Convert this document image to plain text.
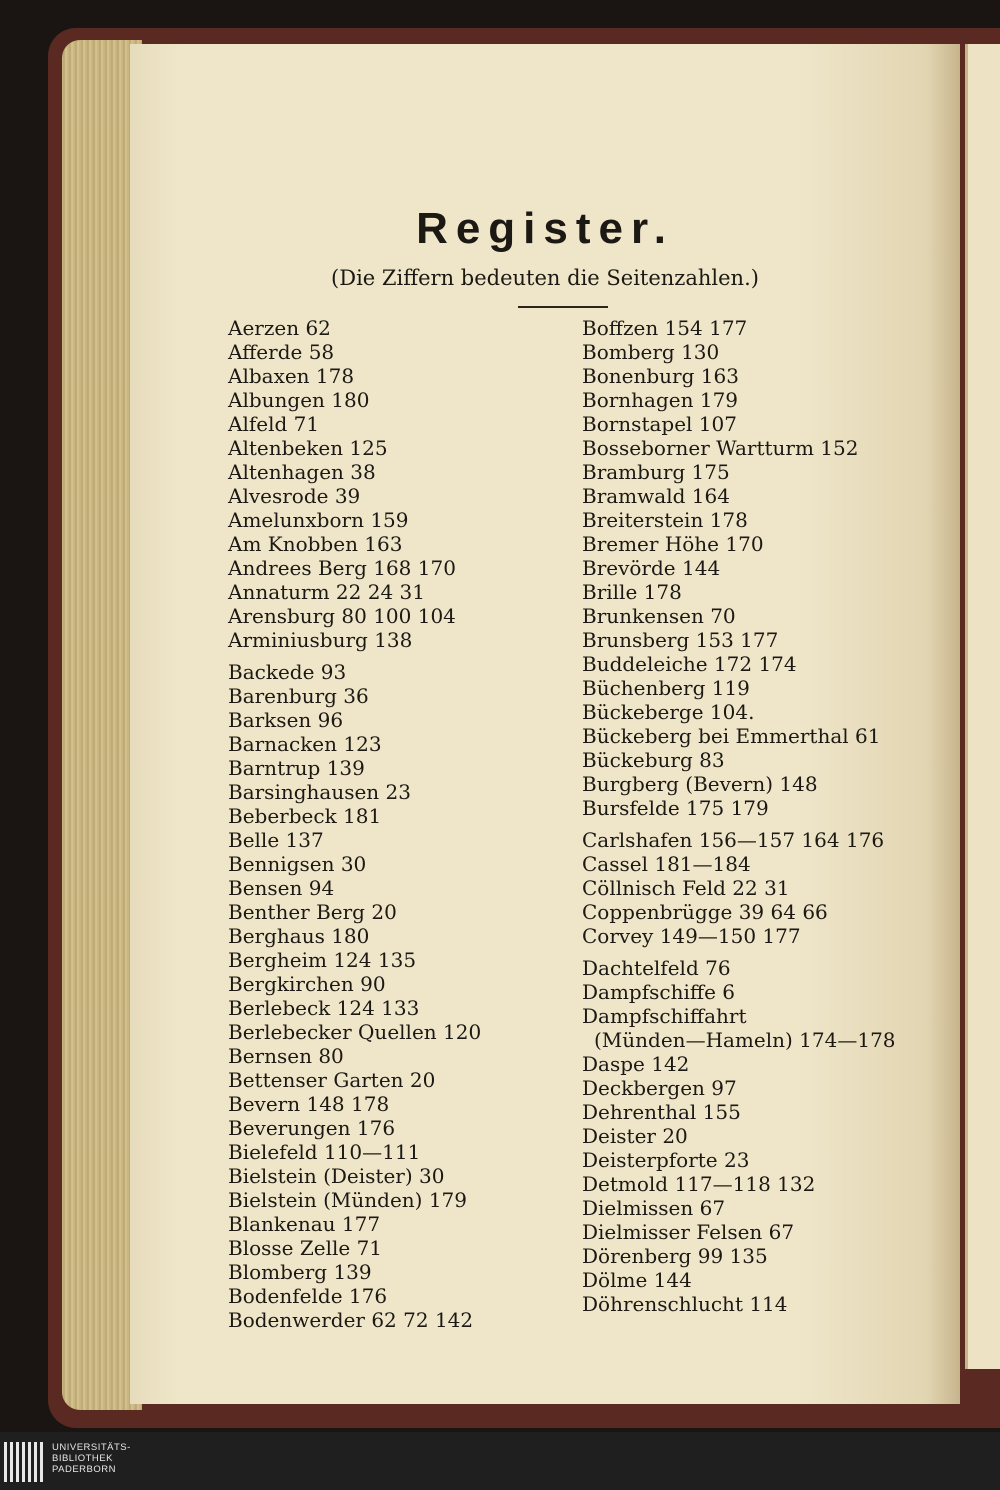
Register.
(Die Ziffern bedeuten die Seitenzahlen.)
Aerzen 62
Afferde 58
Albaxen 178
Albungen 180
Alfeld 71
Altenbeken 125
Altenhagen 38
Alvesrode 39
Amelunxborn 159
Am Knobben 163
Andrees Berg 168 170
Annaturm 22 24 31
Arensburg 80 100 104
Arminiusburg 138
Backede 93
Barenburg 36
Barksen 96
Barnacken 123
Barntrup 139
Barsinghausen 23
Beberbeck 181
Belle 137
Bennigsen 30
Bensen 94
Benther Berg 20
Berghaus 180
Bergheim 124 135
Bergkirchen 90
Berlebeck 124 133
Berlebecker Quellen 120
Bernsen 80
Bettenser Garten 20
Bevern 148 178
Beverungen 176
Bielefeld 110—111
Bielstein (Deister) 30
Bielstein (Münden) 179
Blankenau 177
Blosse Zelle 71
Blomberg 139
Bodenfelde 176
Bodenwerder 62 72 142
Boffzen 154 177
Bomberg 130
Bonenburg 163
Bornhagen 179
Bornstapel 107
Bosseborner Wartturm 152
Bramburg 175
Bramwald 164
Breiterstein 178
Bremer Höhe 170
Brevörde 144
Brille 178
Brunkensen 70
Brunsberg 153 177
Buddeleiche 172 174
Büchenberg 119
Bückeberge 104.
Bückeberg bei Emmerthal 61
Bückeburg 83
Burgberg (Bevern) 148
Bursfelde 175 179
Carlshafen 156—157 164 176
Cassel 181—184
Cöllnisch Feld 22 31
Coppenbrügge 39 64 66
Corvey 149—150 177
Dachtelfeld 76
Dampfschiffe 6
Dampfschiffahrt
(Münden—Hameln) 174—178
Daspe 142
Deckbergen 97
Dehrenthal 155
Deister 20
Deisterpforte 23
Detmold 117—118 132
Dielmissen 67
Dielmisser Felsen 67
Dörenberg 99 135
Dölme 144
Döhrenschlucht 114
UNIVERSITÄTS-
BIBLIOTHEK
PADERBORN
